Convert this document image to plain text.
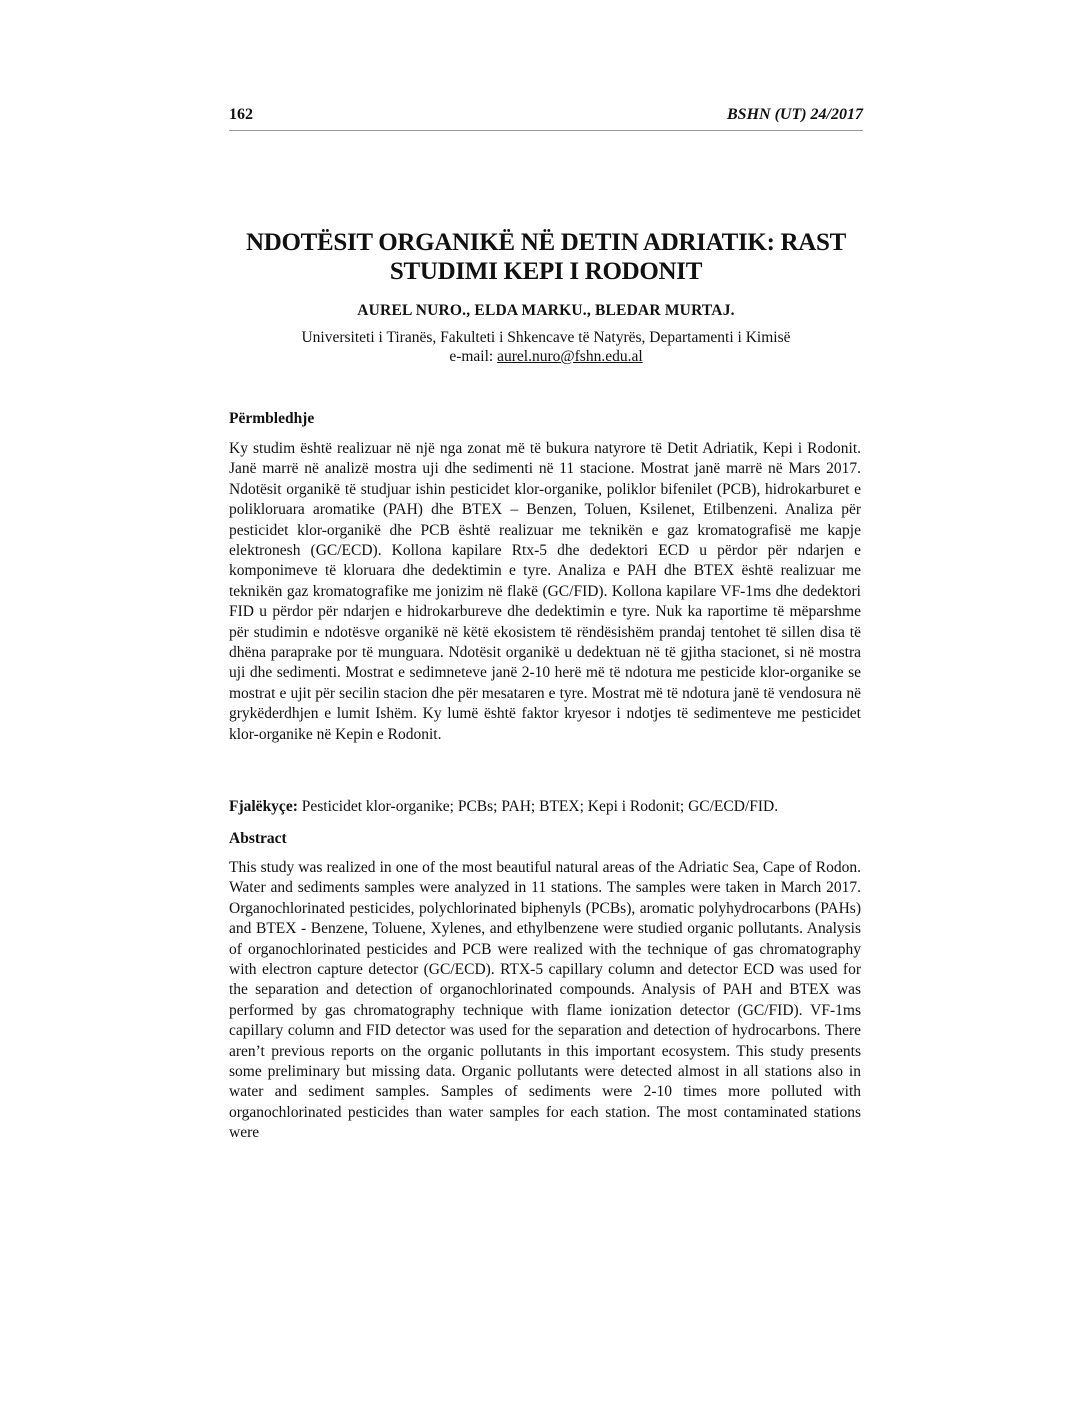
162	BSHN (UT) 24/2017
NDOTËSIT ORGANIKË NË DETIN ADRIATIK: RAST
STUDIMI KEPI I RODONIT
AUREL NURO., ELDA MARKU., BLEDAR MURTAJ.
Universiteti i Tiranës, Fakulteti i Shkencave të Natyrës, Departamenti i Kimisë
e-mail: aurel.nuro@fshn.edu.al
Përmbledhje
Ky studim është realizuar në një nga zonat më të bukura natyrore të Detit Adriatik, Kepi i Rodonit. Janë marrë në analizë mostra uji dhe sedimenti në 11 stacione. Mostrat janë marrë në Mars 2017. Ndotësit organikë të studjuar ishin pesticidet klor-organike, poliklor bifenilet (PCB), hidrokarburet e polikloruara aromatike (PAH) dhe BTEX – Benzen, Toluen, Ksilenet, Etilbenzeni. Analiza për pesticidet klor-organikë dhe PCB është realizuar me teknikën e gaz kromatografisë me kapje elektronesh (GC/ECD). Kollona kapilare Rtx-5 dhe dedektori ECD u përdor për ndarjen e komponimeve të kloruara dhe dedektimin e tyre. Analiza e PAH dhe BTEX është realizuar me teknikën gaz kromatografike me jonizim në flakë (GC/FID). Kollona kapilare VF-1ms dhe dedektori FID u përdor për ndarjen e hidrokarbureve dhe dedektimin e tyre. Nuk ka raportime të mëparshme për studimin e ndotësve organikë në këtë ekosistem të rëndësishëm prandaj tentohet të sillen disa të dhëna paraprake por të munguara. Ndotësit organikë u dedektuan në të gjitha stacionet, si në mostra uji dhe sedimenti. Mostrat e sedimneteve janë 2-10 herë më të ndotura me pesticide klor-organike se mostrat e ujit për secilin stacion dhe për mesataren e tyre. Mostrat më të ndotura janë të vendosura në grykëderdhjen e lumit Ishëm. Ky lumë është faktor kryesor i ndotjes të sedimenteve me pesticidet klor-organike në Kepin e Rodonit.
Fjalëkyçe: Pesticidet klor-organike; PCBs; PAH; BTEX; Kepi i Rodonit; GC/ECD/FID.
Abstract
This study was realized in one of the most beautiful natural areas of the Adriatic Sea, Cape of Rodon. Water and sediments samples were analyzed in 11 stations. The samples were taken in March 2017. Organochlorinated pesticides, polychlorinated biphenyls (PCBs), aromatic polyhydrocarbons (PAHs) and BTEX - Benzene, Toluene, Xylenes, and ethylbenzene were studied organic pollutants. Analysis of organochlorinated pesticides and PCB were realized with the technique of gas chromatography with electron capture detector (GC/ECD). RTX-5 capillary column and detector ECD was used for the separation and detection of organochlorinated compounds. Analysis of PAH and BTEX was performed by gas chromatography technique with flame ionization detector (GC/FID). VF-1ms capillary column and FID detector was used for the separation and detection of hydrocarbons. There aren’t previous reports on the organic pollutants in this important ecosystem. This study presents some preliminary but missing data. Organic pollutants were detected almost in all stations also in water and sediment samples. Samples of sediments were 2-10 times more polluted with organochlorinated pesticides than water samples for each station. The most contaminated stations were
